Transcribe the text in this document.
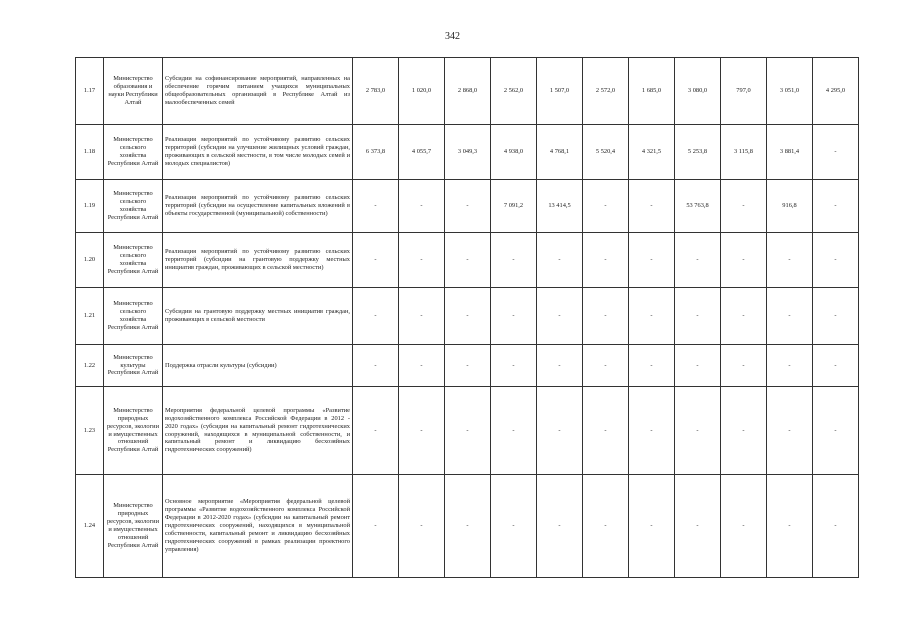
342
1.17	Министерство образования и науки Республики Алтай	Субсидии на софинансирование мероприятий, направленных на обеспечение горячим питанием учащихся муниципальных общеобразовательных организаций в Республике Алтай из малообеспеченных семей	2 783,0	1 020,0	2 868,0	2 562,0	1 507,0	2 572,0	1 685,0	3 080,0	797,0	3 051,0	4 295,0
1.18	Министерство сельского хозяйства Республики Алтай	Реализация мероприятий по устойчивому развитию сельских территорий (субсидии на улучшение жилищных условий граждан, проживающих в сельской местности, в том числе молодых семей и молодых специалистов)	6 373,8	4 055,7	3 049,3	4 938,0	4 768,1	5 520,4	4 321,5	5 253,8	3 115,8	3 881,4	-
1.19	Министерство сельского хозяйства Республики Алтай	Реализация мероприятий по устойчивому развитию сельских территорий (субсидии на осуществление капитальных вложений в объекты государственной (муниципальной) собственности)	-	-	-	7 091,2	13 414,5	-	-	53 763,8	-	916,8	-
1.20	Министерство сельского хозяйства Республики Алтай	Реализация мероприятий по устойчивому развитию сельских территорий (субсидии на грантовую поддержку местных инициатив граждан, проживающих в сельской местности)	-	-	-	-	-	-	-	-	-	-	-
1.21	Министерство сельского хозяйства Республики Алтай	Субсидии на грантовую поддержку местных инициатив граждан, проживающих в сельской местности	-	-	-	-	-	-	-	-	-	-	-
1.22	Министерство культуры Республики Алтай	Поддержка отрасли культуры (субсидии)	-	-	-	-	-	-	-	-	-	-	-
1.23	Министерство природных ресурсов, экологии и имущественных отношений Республики Алтай	Мероприятия федеральной целевой программы «Развитие водохозяйственного комплекса Российской Федерации в 2012 - 2020 годах» (субсидия на капитальный ремонт гидротехнических сооружений, находящихся в муниципальной собственности, и капитальный ремонт и ликвидацию бесхозяйных гидротехнических сооружений)	-	-	-	-	-	-	-	-	-	-	-
1.24	Министерство природных ресурсов, экологии и имущественных отношений Республики Алтай	Основное мероприятие «Мероприятия федеральной целевой программы «Развитие водохозяйственного комплекса Российской Федерации в 2012-2020 годах» (субсидии на капитальный ремонт гидротехнических сооружений, находящихся в муниципальной собственности, капитальный ремонт и ликвидацию бесхозяйных гидротехнических сооружений в рамках реализации проектного управления)	-	-	-	-	-	-	-	-	-	-	-
